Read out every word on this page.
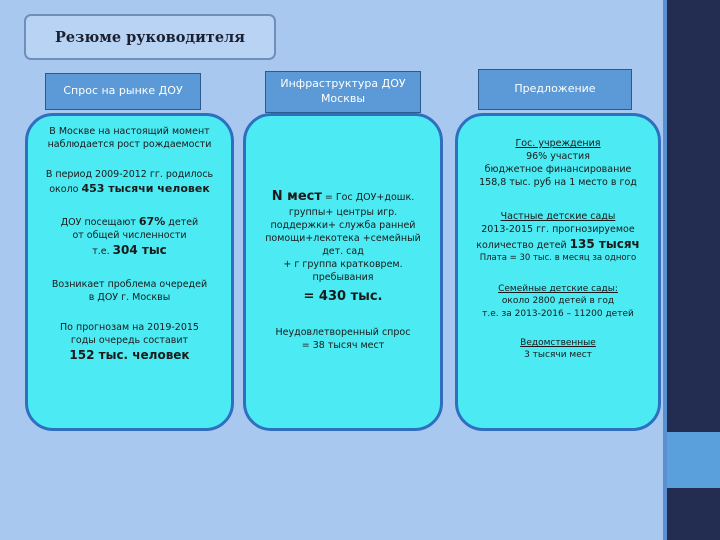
Резюме руководителя
Спрос на рынке ДОУ
Инфраструктура ДОУ
Москвы
Предложение
В Москве на настоящий момент
наблюдается рост рождаемости
В период 2009-2012 гг. родилось
около 453 тысячи человек
ДОУ посещают 67% детей
от общей численности
т.е. 304 тыс
Возникает проблема очередей
в ДОУ г. Москвы
По прогнозам на 2019-2015
годы очередь составит
152 тыс. человек
N мест = Гос ДОУ+дошк.
группы+ центры игр.
поддержки+ служба ранней
помощи+лекотека +семейный
дет. сад
+ г группа кратковрем.
пребывания
= 430 тыс.
Неудовлетворенный спрос
= 38 тысяч мест
Гос. учреждения
96% участия
бюджетное финансирование
158,8 тыс. руб на 1 место в год
Частные детские сады
2013-2015 гг. прогнозируемое
количество детей 135 тысяч
Плата = 30 тыс. в месяц за одного
Семейные детские сады:
около 2800 детей в год
т.е. за 2013-2016 – 11200 детей
Ведомственные
3 тысячи мест
